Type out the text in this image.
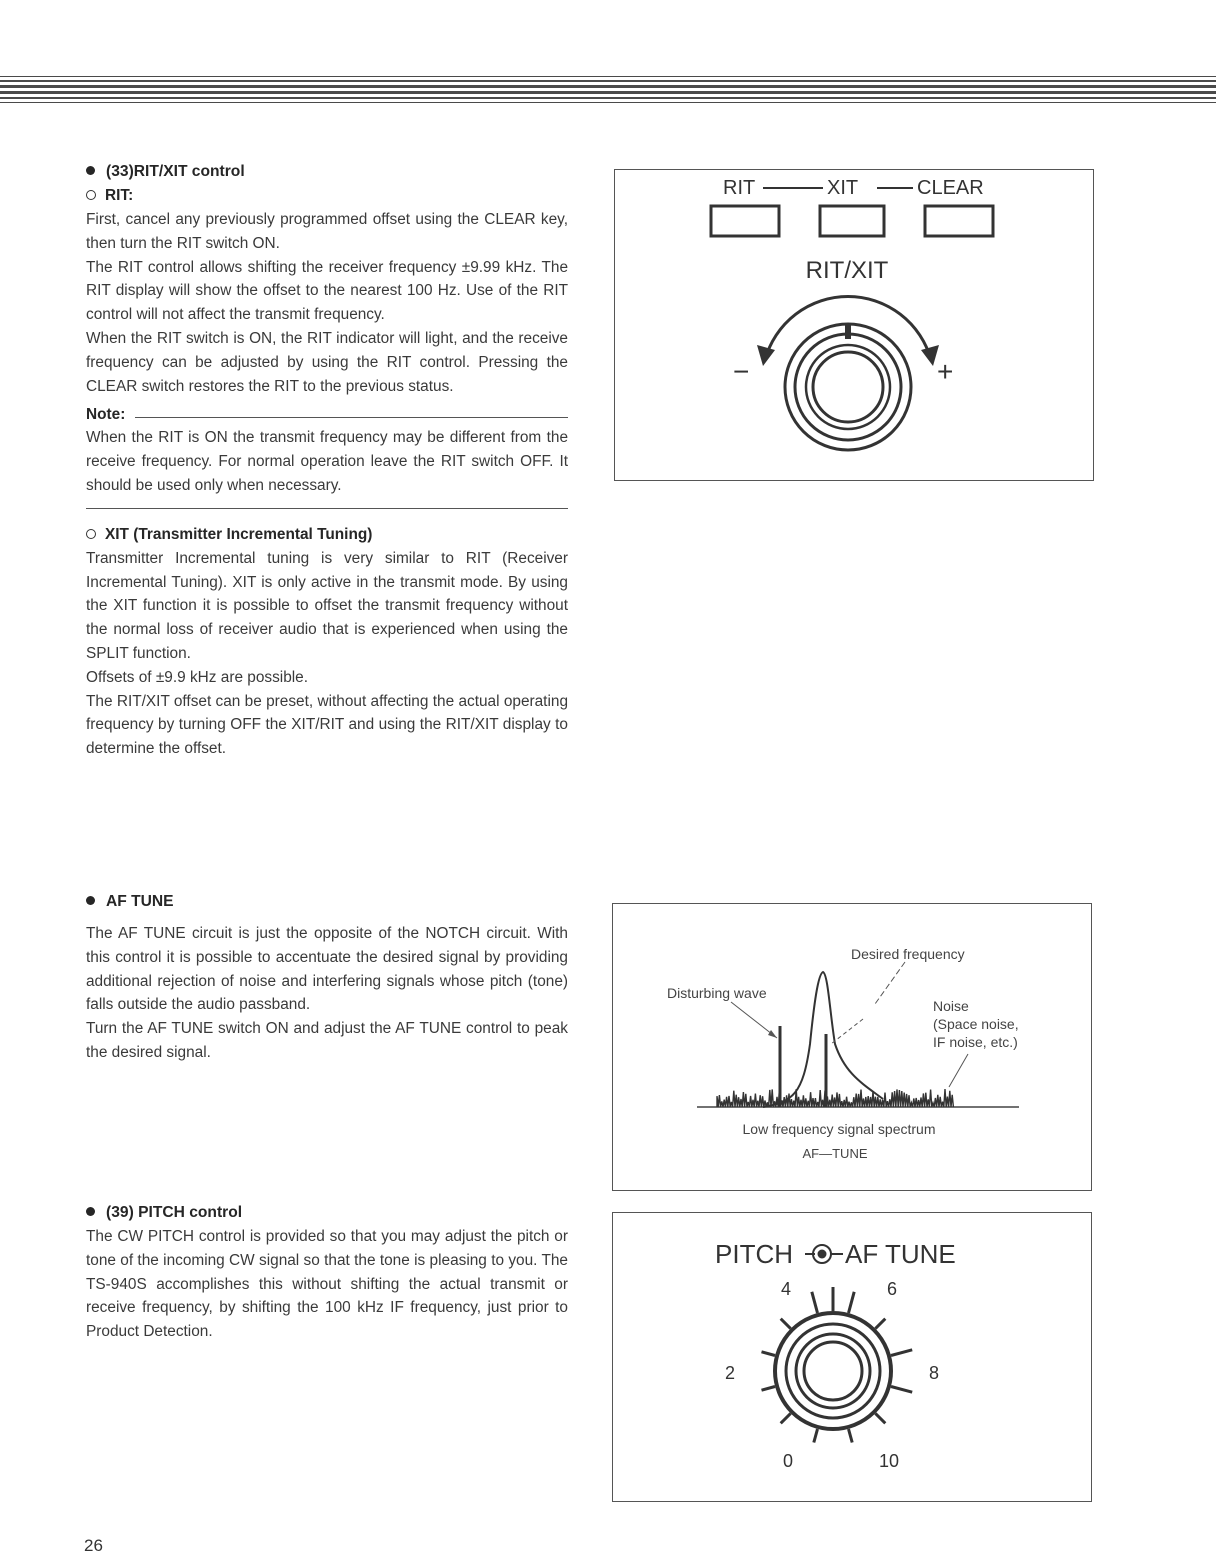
(33)RIT/XIT control

RIT:

First, cancel any previously programmed offset using the CLEAR key, then turn the RIT switch ON.

The RIT control allows shifting the receiver frequency ±9.99 kHz. The RIT display will show the offset to the nearest 100 Hz. Use of the RIT control will not affect the transmit frequency.

When the RIT switch is ON, the RIT indicator will light, and the receive frequency can be adjusted by using the RIT control. Pressing the CLEAR switch restores the RIT to the previous status.

Note:

When the RIT is ON the transmit frequency may be different from the receive frequency. For normal operation leave the RIT switch OFF. It should be used only when necessary.

XIT (Transmitter Incremental Tuning)

Transmitter Incremental tuning is very similar to RIT (Receiver Incremental Tuning). XIT is only active in the transmit mode. By using the XIT function it is possible to offset the transmit frequency without the normal loss of receiver audio that is experienced when using the SPLIT function.

Offsets of ±9.9 kHz are possible.

The RIT/XIT offset can be preset, without affecting the actual operating frequency by turning OFF the XIT/RIT and using the RIT/XIT display to determine the offset.

AF TUNE

The AF TUNE circuit is just the opposite of the NOTCH circuit. With this control it is possible to accentuate the desired signal by providing additional rejection of noise and interfering signals whose pitch (tone) falls outside the audio passband.

Turn the AF TUNE switch ON and adjust the AF TUNE control to peak the desired signal.

(39) PITCH control

The CW PITCH control is provided so that you may adjust the pitch or tone of the incoming CW signal so that the tone is pleasing to you. The TS-940S accomplishes this without shifting the actual transmit or receive frequency, by shifting the 100 kHz IF frequency, just prior to Product Detection.

RIT	XIT	CLEAR
RIT/XIT
−	+
Desired frequency
Disturbing wave
Noise
(Space noise,
IF noise, etc.)
Low frequency signal spectrum
AF—TUNE
PITCH AF TUNE
4	6
2	8
0	10
26
